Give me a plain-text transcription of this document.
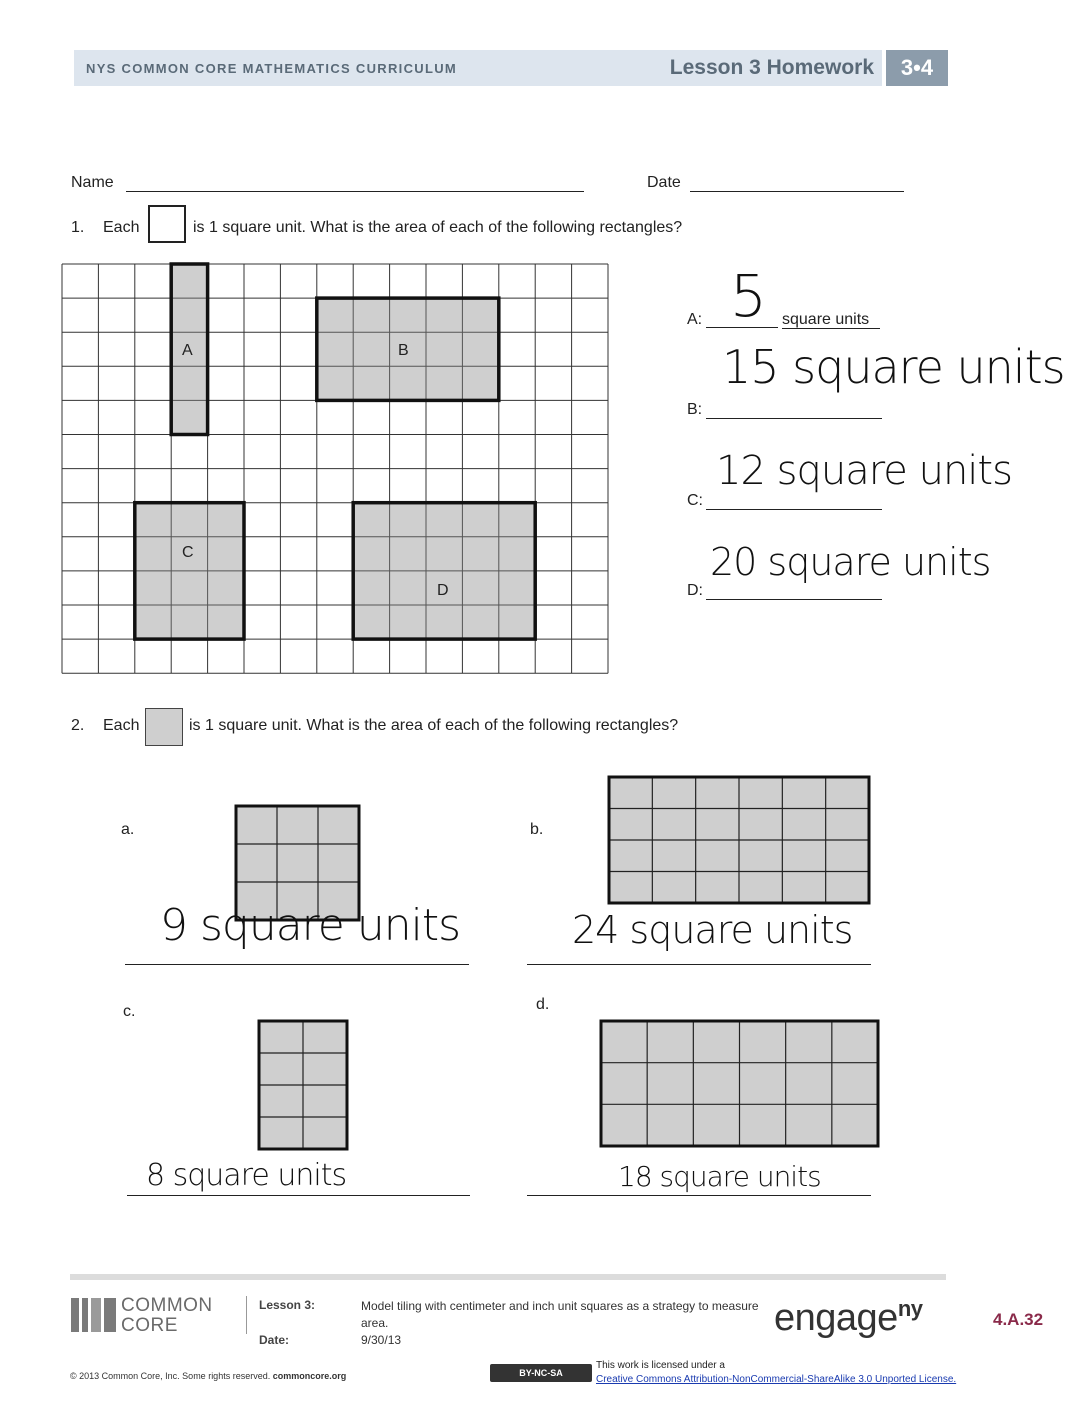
NYS COMMON CORE MATHEMATICS CURRICULUM	Lesson 3 Homework	3•4
Name	Date
1. Each	is 1 square unit. What is the area of each of the following rectangles?
A	B
C
D
A:	square units
5
B:
15 square units
C:
12 square units
D:
20 square units
2. Each	is 1 square unit. What is the area of each of the following rectangles?
a.	b.
c.	d.
9 square units	24 square units
8 square units	18 square units
COMMON
CORE
Lesson 3:
Date:
Model tiling with centimeter and inch unit squares as a strategy to measure area.
9/30/13
engage$^{ny}$	4.A.32
© 2013 Common Core, Inc. Some rights reserved. commoncore.org	BY-NC-SA
This work is licensed under a
Creative Commons Attribution-NonCommercial-ShareAlike 3.0 Unported License.
